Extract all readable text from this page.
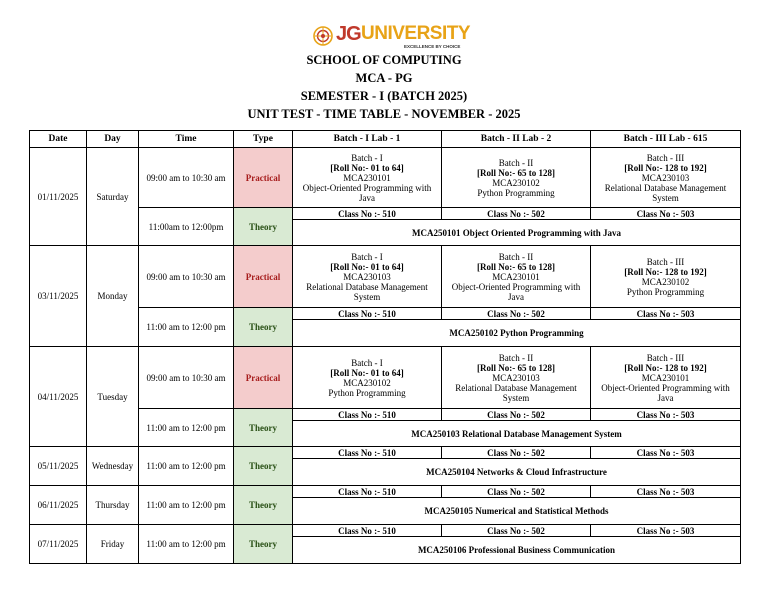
JG UNIVERSITY
EXCELLENCE BY CHOICE
SCHOOL OF COMPUTING
MCA - PG
SEMESTER - I (BATCH 2025)
UNIT TEST - TIME TABLE - NOVEMBER - 2025
Date	Day	Time	Type	Batch - I Lab - 1	Batch - II Lab - 2	Batch - III Lab - 615
01/11/2025	Saturday	09:00 am to 10:30 am	Practical	Batch - I
[Roll No:- 01 to 64]
MCA230101
Object-Oriented Programming with Java	Batch - II
[Roll No:- 65 to 128]
MCA230102
Python Programming	Batch - III
[Roll No:- 128 to 192]
MCA230103
Relational Database Management System
		11:00am to 12:00pm	Theory	Class No :- 510	Class No :- 502	Class No :- 503
				MCA250101 Object Oriented Programming with Java		
03/11/2025	Monday	09:00 am to 10:30 am	Practical	Batch - I
[Roll No:- 01 to 64]
MCA230103
Relational Database Management System	Batch - II
[Roll No:- 65 to 128]
MCA230101
Object-Oriented Programming with Java	Batch - III
[Roll No:- 128 to 192]
MCA230102
Python Programming
		11:00 am to 12:00 pm	Theory	Class No :- 510	Class No :- 502	Class No :- 503
				MCA250102 Python Programming		
04/11/2025	Tuesday	09:00 am to 10:30 am	Practical	Batch - I
[Roll No:- 01 to 64]
MCA230102
Python Programming	Batch - II
[Roll No:- 65 to 128]
MCA230103
Relational Database Management System	Batch - III
[Roll No:- 128 to 192]
MCA230101
Object-Oriented Programming with Java
		11:00 am to 12:00 pm	Theory	Class No :- 510	Class No :- 502	Class No :- 503
				MCA250103 Relational Database Management System		
05/11/2025	Wednesday	11:00 am to 12:00 pm	Theory	Class No :- 510	Class No :- 502	Class No :- 503
				MCA250104 Networks & Cloud Infrastructure		
06/11/2025	Thursday	11:00 am to 12:00 pm	Theory	Class No :- 510	Class No :- 502	Class No :- 503
				MCA250105 Numerical and Statistical Methods		
07/11/2025	Friday	11:00 am to 12:00 pm	Theory	Class No :- 510	Class No :- 502	Class No :- 503
				MCA250106 Professional Business Communication		
